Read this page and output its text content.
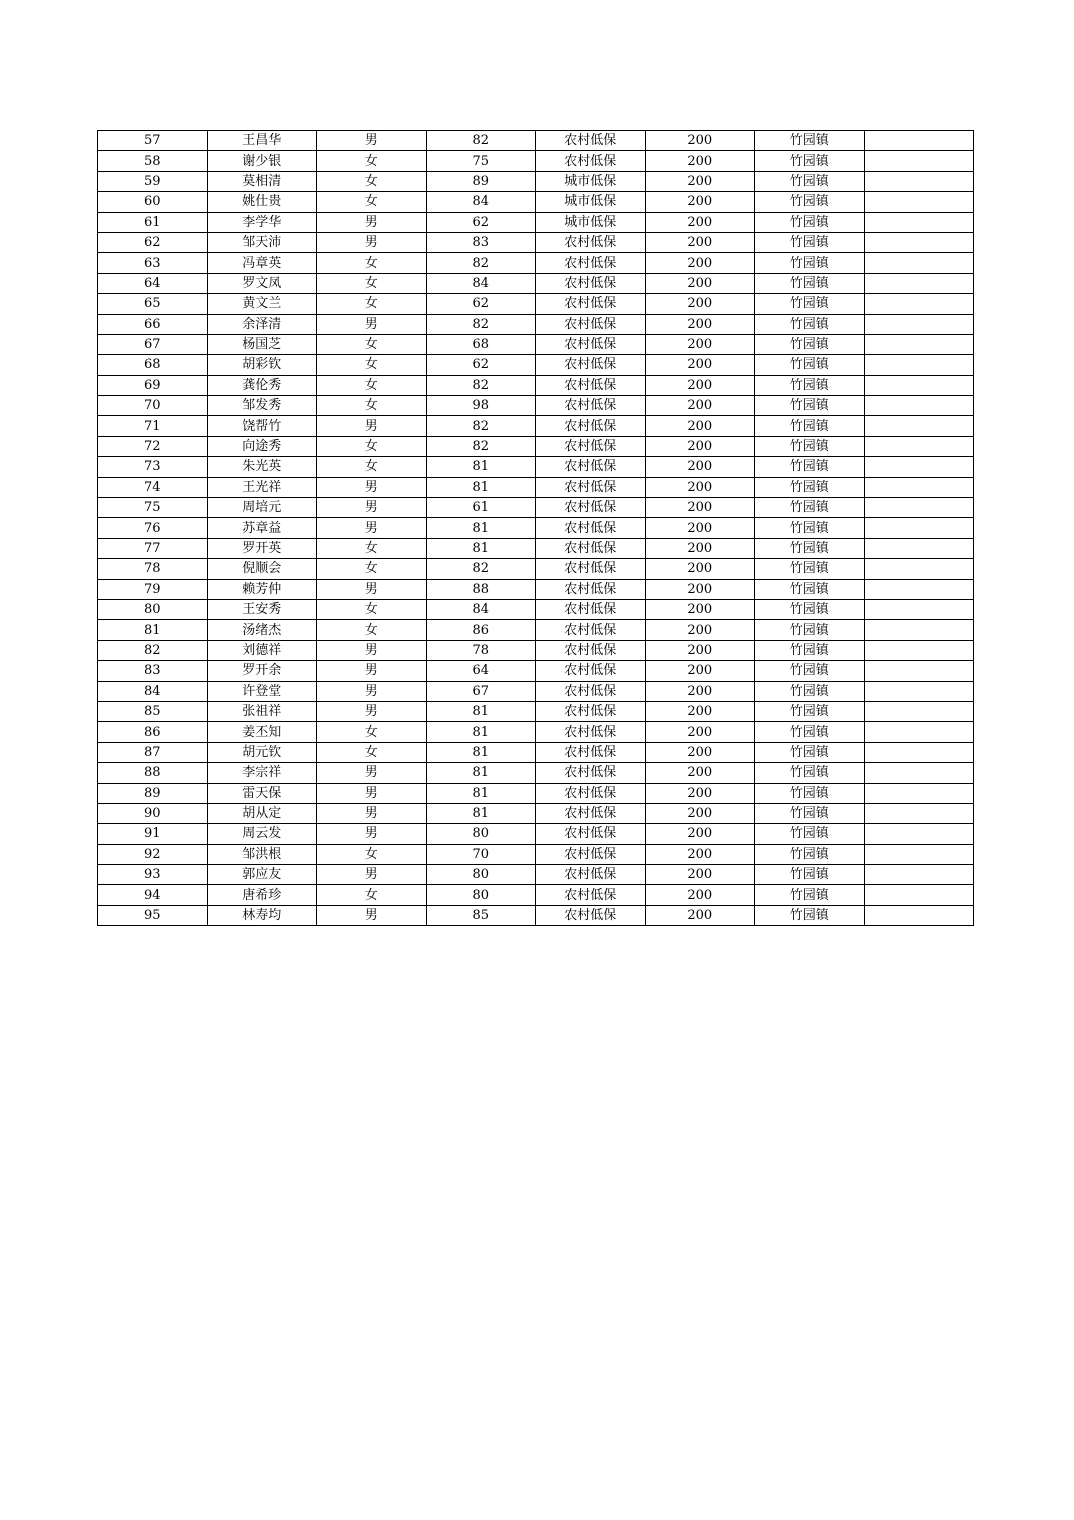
57	王昌华	男	82	农村低保	200	竹园镇	
58	谢少银	女	75	农村低保	200	竹园镇	
59	莫相清	女	89	城市低保	200	竹园镇	
60	姚仕贵	女	84	城市低保	200	竹园镇	
61	李学华	男	62	城市低保	200	竹园镇	
62	邹天沛	男	83	农村低保	200	竹园镇	
63	冯章英	女	82	农村低保	200	竹园镇	
64	罗文凤	女	84	农村低保	200	竹园镇	
65	黄文兰	女	62	农村低保	200	竹园镇	
66	余泽清	男	82	农村低保	200	竹园镇	
67	杨国芝	女	68	农村低保	200	竹园镇	
68	胡彩钦	女	62	农村低保	200	竹园镇	
69	龚伦秀	女	82	农村低保	200	竹园镇	
70	邹发秀	女	98	农村低保	200	竹园镇	
71	饶帮竹	男	82	农村低保	200	竹园镇	
72	向途秀	女	82	农村低保	200	竹园镇	
73	朱光英	女	81	农村低保	200	竹园镇	
74	王光祥	男	81	农村低保	200	竹园镇	
75	周培元	男	61	农村低保	200	竹园镇	
76	苏章益	男	81	农村低保	200	竹园镇	
77	罗开英	女	81	农村低保	200	竹园镇	
78	倪顺会	女	82	农村低保	200	竹园镇	
79	赖芳仲	男	88	农村低保	200	竹园镇	
80	王安秀	女	84	农村低保	200	竹园镇	
81	汤绪杰	女	86	农村低保	200	竹园镇	
82	刘德祥	男	78	农村低保	200	竹园镇	
83	罗开余	男	64	农村低保	200	竹园镇	
84	许登堂	男	67	农村低保	200	竹园镇	
85	张祖祥	男	81	农村低保	200	竹园镇	
86	姜丕知	女	81	农村低保	200	竹园镇	
87	胡元钦	女	81	农村低保	200	竹园镇	
88	李宗祥	男	81	农村低保	200	竹园镇	
89	雷天保	男	81	农村低保	200	竹园镇	
90	胡从定	男	81	农村低保	200	竹园镇	
91	周云发	男	80	农村低保	200	竹园镇	
92	邹洪根	女	70	农村低保	200	竹园镇	
93	郭应友	男	80	农村低保	200	竹园镇	
94	唐希珍	女	80	农村低保	200	竹园镇	
95	林寿均	男	85	农村低保	200	竹园镇	
